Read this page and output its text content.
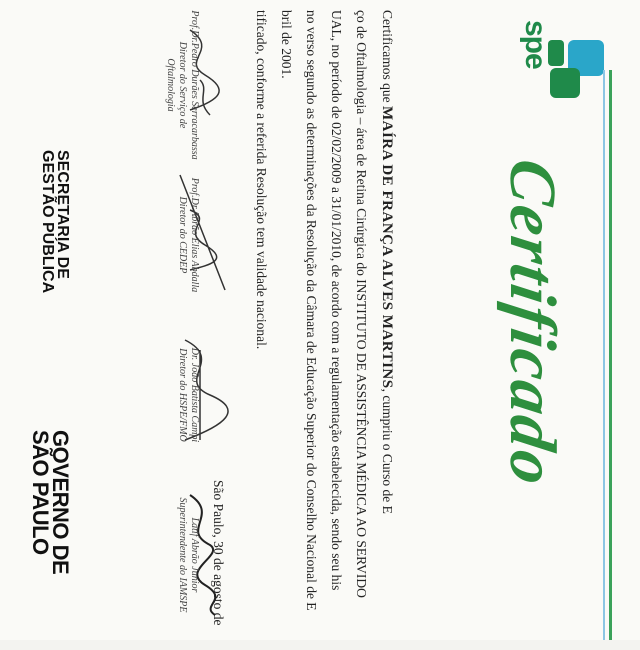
spe
Certificado

Certificamos que MAÍRA DE FRANÇA ALVES MARTINS, cumpriu o Curso de E

ço de Oftalmologia – área de Retina Cirúrgica do INSTITUTO DE ASSISTÊNCIA MÉDICA AO SERVIDO

UAL, no período de 02/02/2009 a 31/01/2010, de acordo com a regulamentação estabelecida, sendo seu his

no verso segundo as determinações da Resolução da Câmara de Educação Superior do Conselho Nacional de E

bril de 2001.

tificado, conforme a referida Resolução tem validade nacional.

São Paulo, 30 de agosto de
Prof.Dr.Pedro Durães Serracarbassa
Diretor do Serviço de
Oftalmologia
Prof.Dr.Abrão Elias Abdalla
Diretor do CEDEP
Dr. João Batista Campi
Diretor do HSPE/FMO
Latif Abrão Junior
Superintendente do IAMSPE
SECRETARIA DE
GESTÃO PÚBLICA
GOVERNO DE
SÃO PAULO
